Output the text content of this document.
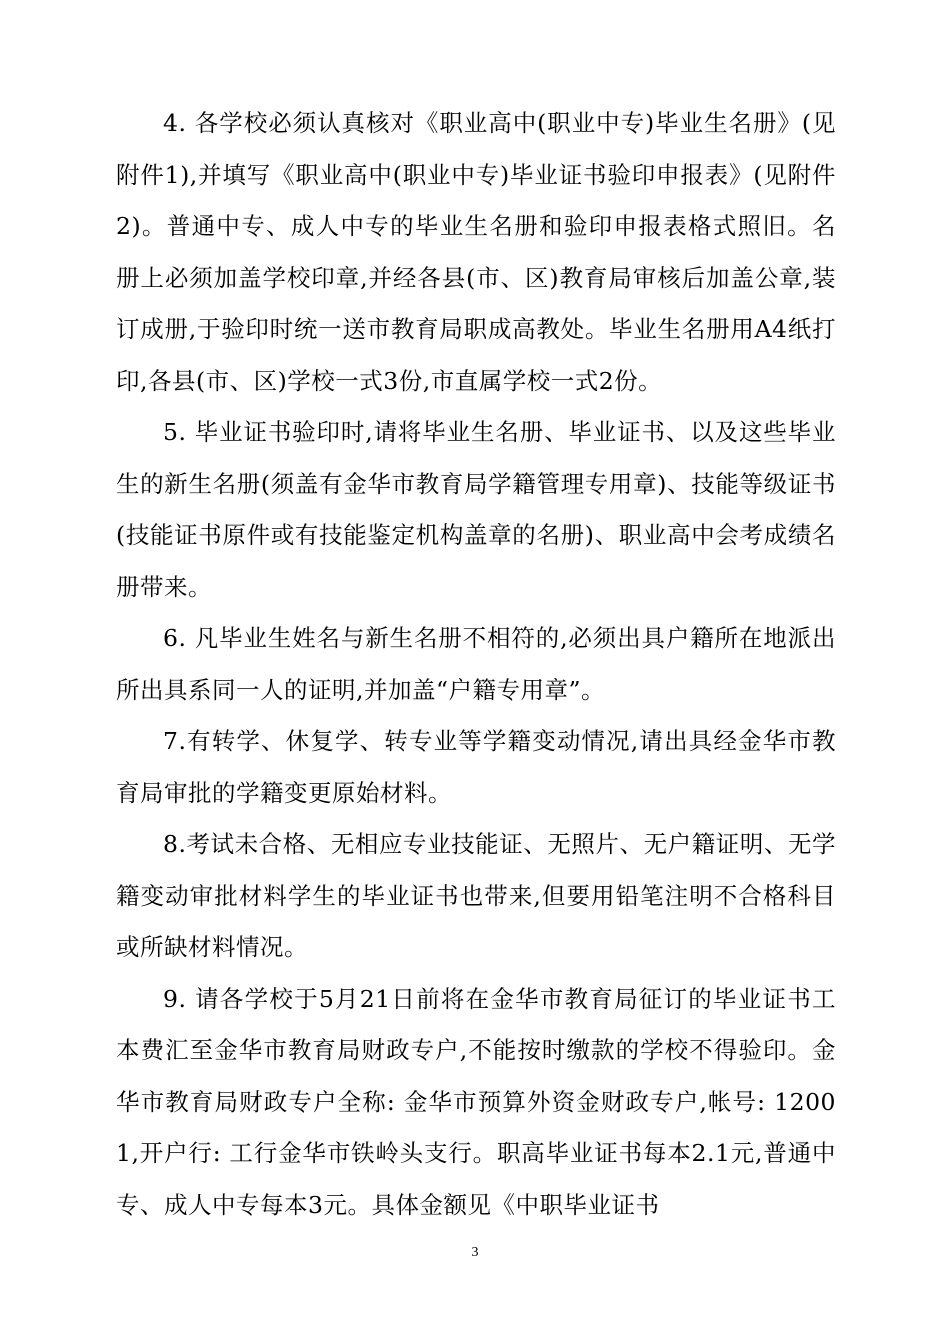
4. 各学校必须认真核对《职业高中(职业中专)毕业生名册》(见附件1),并填写《职业高中(职业中专)毕业证书验印申报表》(见附件2)。普通中专、成人中专的毕业生名册和验印申报表格式照旧。名册上必须加盖学校印章,并经各县(市、区)教育局审核后加盖公章,装订成册,于验印时统一送市教育局职成高教处。毕业生名册用A4纸打印,各县(市、区)学校一式3份,市直属学校一式2份。

5. 毕业证书验印时,请将毕业生名册、毕业证书、以及这些毕业生的新生名册(须盖有金华市教育局学籍管理专用章)、技能等级证书(技能证书原件或有技能鉴定机构盖章的名册)、职业高中会考成绩名册带来。

6. 凡毕业生姓名与新生名册不相符的,必须出具户籍所在地派出所出具系同一人的证明,并加盖“户籍专用章”。

7.有转学、休复学、转专业等学籍变动情况,请出具经金华市教育局审批的学籍变更原始材料。

8.考试未合格、无相应专业技能证、无照片、无户籍证明、无学籍变动审批材料学生的毕业证书也带来,但要用铅笔注明不合格科目或所缺材料情况。

9. 请各学校于5月21日前将在金华市教育局征订的毕业证书工本费汇至金华市教育局财政专户,不能按时缴款的学校不得验印。金华市教育局财政专户全称: 金华市预算外资金财政专户,帐号: 12001,开户行: 工行金华市铁岭头支行。职高毕业证书每本2.1元,普通中专、成人中专每本3元。具体金额见《中职毕业证书

3
